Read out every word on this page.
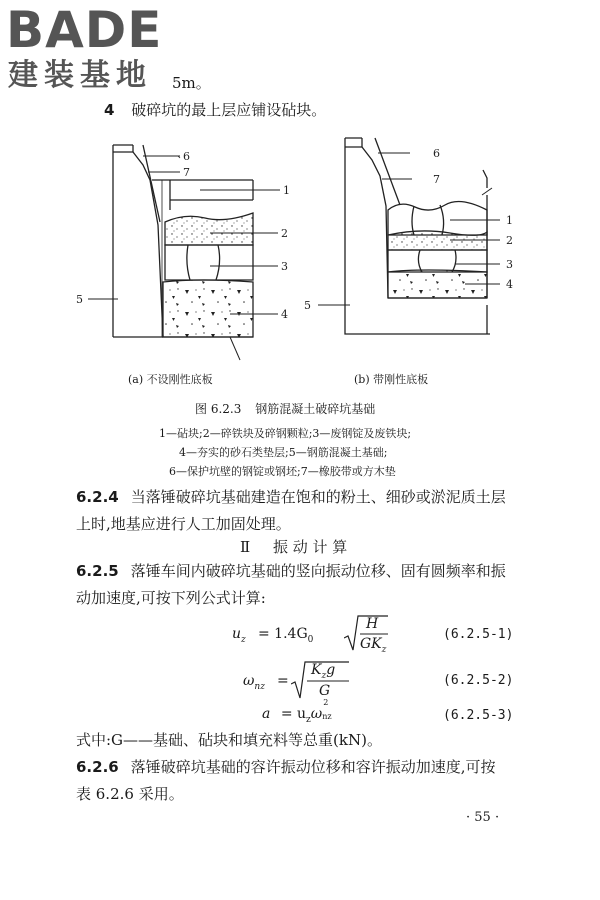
BADE
建装基地 5m。
4 破碎坑的最上层应铺设砧块。
6
7
1
2
3
4
5
6
7
1
2
3
4
5
(a) 不设刚性底板	(b) 带刚性底板
图 6.2.3 钢筋混凝土破碎坑基础
1—砧块;2—碎铁块及碎钢颗粒;3—废钢锭及废铁块;
4—夯实的砂石类垫层;5—钢筋混凝土基础;
6—保护坑壁的钢锭或钢坯;7—橡胶带或方木垫
6.2.4 当落锤破碎坑基础建造在饱和的粉土、细砂或淤泥质土层
上时,地基应进行人工加固处理。
Ⅱ 振 动 计 算
6.2.5 落锤车间内破碎坑基础的竖向振动位移、固有圆频率和振
动加速度,可按下列公式计算:
$u_z = 1.4G_0$
H
$GK_z$
(6.2.5-1)
$\omega_{nz}$ =
$K_zg$
G
(6.2.5-2)
$a = u_z\omega$
2
nz	(6.2.5-3)
式中:G——基础、砧块和填充料等总重(kN)。
6.2.6 落锤破碎坑基础的容许振动位移和容许振动加速度,可按
表 6.2.6 采用。
· 55 ·
